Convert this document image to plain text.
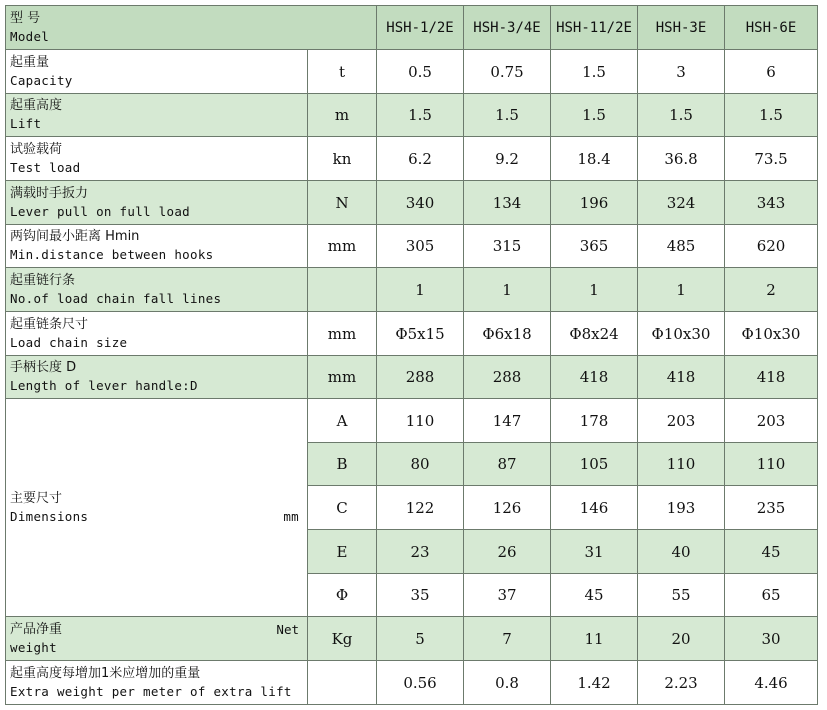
型 号
Model		HSH-1/2E	HSH-3/4E	HSH-11/2E	HSH-3E	HSH-6E

起重量
Capacity	t	0.5	0.75	1.5	3	6

起重高度
Lift	m	1.5	1.5	1.5	1.5	1.5

试验载荷
Test load	kn	6.2	9.2	18.4	36.8	73.5

满载时手扳力
Lever pull on full load	N	340	134	196	324	343

两钩间最小距离 Hmin
Min.distance between hooks	mm	305	315	365	485	620

起重链行条
No.of load chain fall lines		1	1	1	1	2

起重链条尺寸
Load chain size	mm	Φ5x15	Φ6x18	Φ8x24	Φ10x30	Φ10x30

手柄长度 D
Length of lever handle:D	mm	288	288	418	418	418

主要尺寸
Dimensions mm	A	110	147	178	203	203
	B	80	87	105	110	110
	C	122	126	146	193	235
	E	23	26	31	40	45
	Φ	35	37	45	55	65

产品净重 Net
weight	Kg	5	7	11	20	30

起重高度每增加1米应增加的重量
Extra weight per meter of extra lift		0.56	0.8	1.42	2.23	4.46
